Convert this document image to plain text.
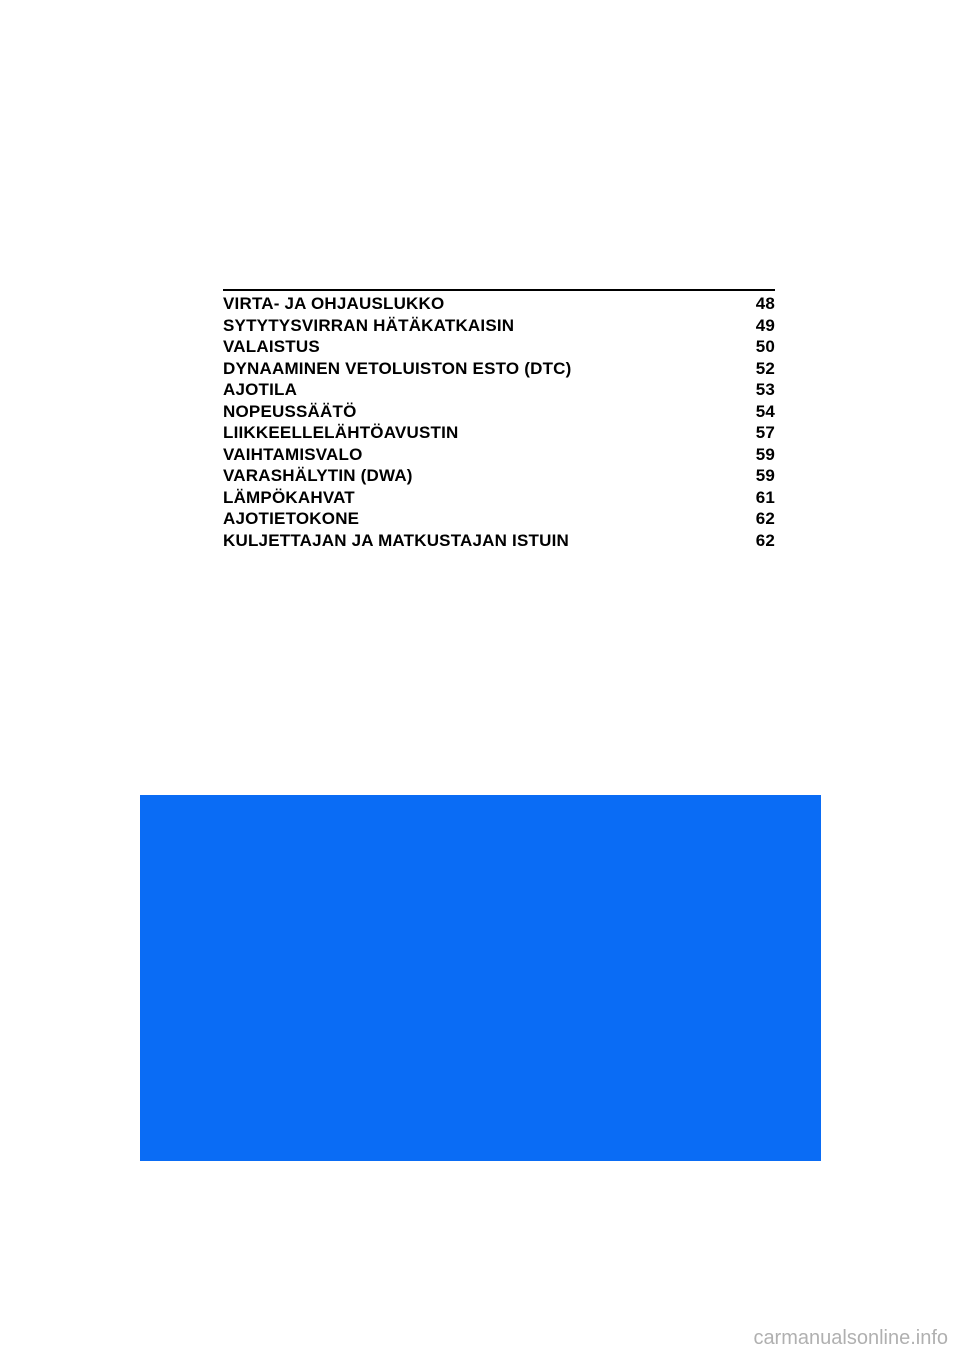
VIRTA- JA OHJAUSLUKKO	48
SYTYTYSVIRRAN HÄTÄKATKAISIN	49
VALAISTUS	50
DYNAAMINEN VETOLUISTON ESTO (DTC)	52
AJOTILA	53
NOPEUSSÄÄTÖ	54
LIIKKEELLELÄHTÖAVUSTIN	57
VAIHTAMISVALO	59
VARASHÄLYTIN (DWA)	59
LÄMPÖKAHVAT	61
AJOTIETOKONE	62
KULJETTAJAN JA MATKUSTAJAN ISTUIN	62
carmanualsonline.info
